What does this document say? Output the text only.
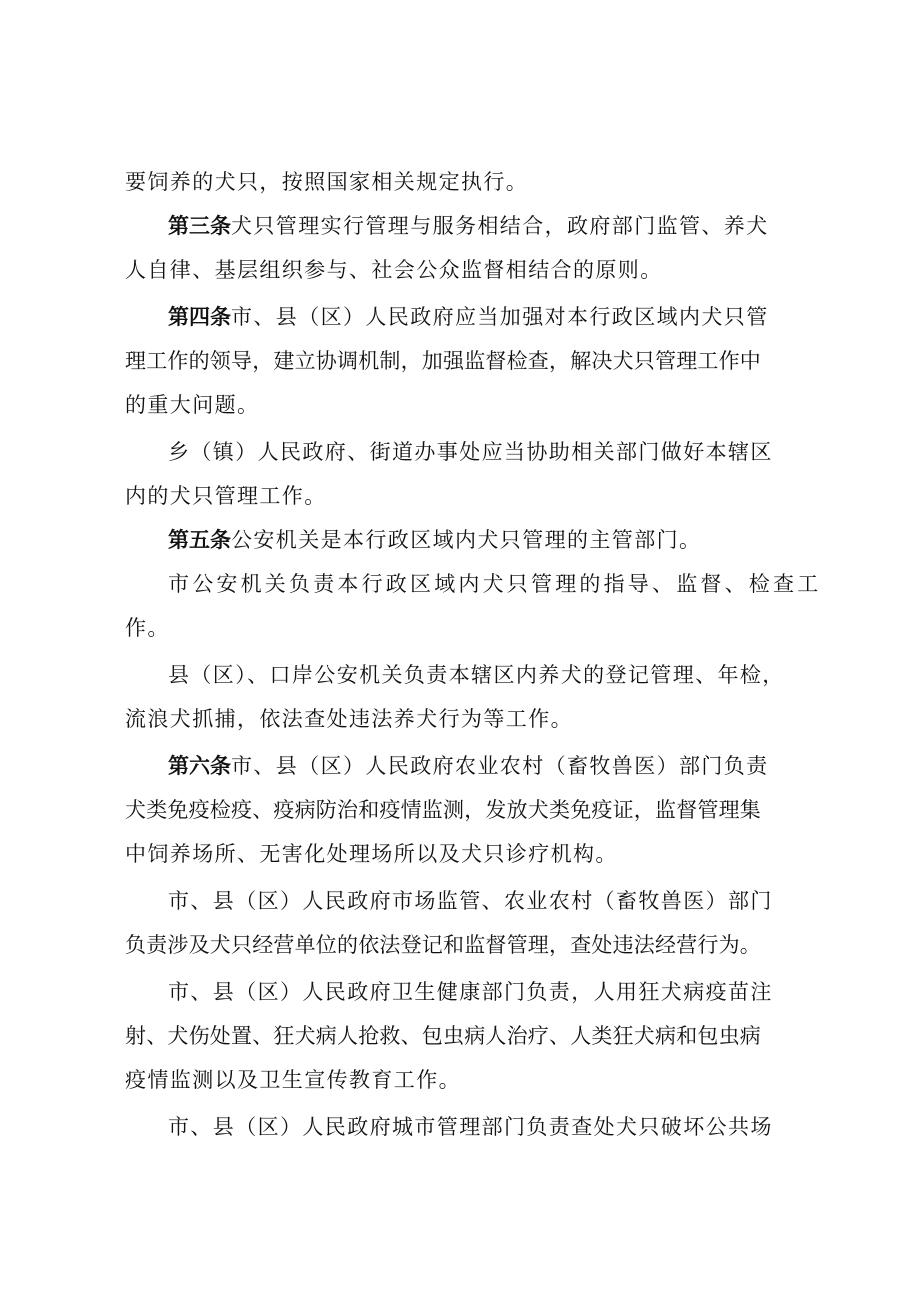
要饲养的犬只，按照国家相关规定执行。
第三条犬只管理实行管理与服务相结合，政府部门监管、养犬
人自律、基层组织参与、社会公众监督相结合的原则。
第四条市、县（区）人民政府应当加强对本行政区域内犬只管
理工作的领导，建立协调机制，加强监督检查，解决犬只管理工作中
的重大问题。
乡（镇）人民政府、街道办事处应当协助相关部门做好本辖区
内的犬只管理工作。
第五条公安机关是本行政区域内犬只管理的主管部门。
市公安机关负责本行政区域内犬只管理的指导、监督、检查工
作。
县（区）、口岸公安机关负责本辖区内养犬的登记管理、年检，
流浪犬抓捕，依法查处违法养犬行为等工作。
第六条市、县（区）人民政府农业农村（畜牧兽医）部门负责
犬类免疫检疫、疫病防治和疫情监测，发放犬类免疫证，监督管理集
中饲养场所、无害化处理场所以及犬只诊疗机构。
市、县（区）人民政府市场监管、农业农村（畜牧兽医）部门
负责涉及犬只经营单位的依法登记和监督管理，查处违法经营行为。
市、县（区）人民政府卫生健康部门负责，人用狂犬病疫苗注
射、犬伤处置、狂犬病人抢救、包虫病人治疗、人类狂犬病和包虫病
疫情监测以及卫生宣传教育工作。
市、县（区）人民政府城市管理部门负责查处犬只破坏公共场
